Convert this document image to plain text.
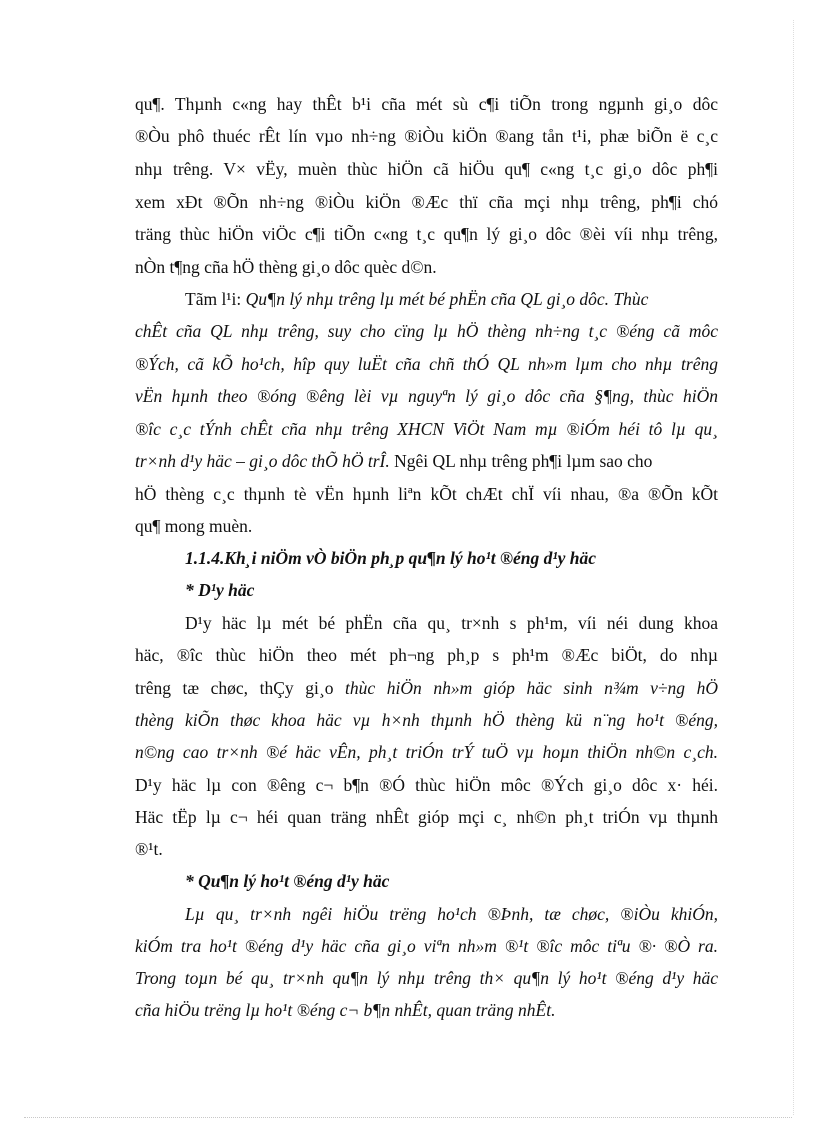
qu¶. Thµnh c«ng hay thÊt b¹i cña mét sù c¶i tiÕn trong ngµnh gi¸o dôc
®Òu phô thuéc rÊt lín vµo nh÷ng ®iÒu kiÖn ®ang tån t¹i, phæ biÕn ë c¸c
nhµ trêng. V× vËy, muèn thùc hiÖn cã hiÖu qu¶ c«ng t¸c gi¸o dôc ph¶i
xem xÐt ®Õn nh÷ng ®iÒu kiÖn ®Æc thï cña mçi nhµ trêng, ph¶i chó
träng thùc hiÖn viÖc c¶i tiÕn c«ng t¸c qu¶n lý gi¸o dôc ®èi víi nhµ trêng,
nÒn t¶ng cña hÖ thèng gi¸o dôc quèc d©n.
Tãm l¹i: Qu¶n lý nhµ trêng lµ mét bé phËn cña QL gi¸o dôc. Thùc
chÊt cña QL nhµ trêng, suy cho cïng lµ hÖ thèng nh÷ng t¸c ®éng cã môc
®Ých, cã kÕ ho¹ch, hîp quy luËt cña chñ thÓ QL nh»m lµm cho nhµ trêng
vËn hµnh theo ®óng ®êng lèi vµ nguyªn lý gi¸o dôc cña §¶ng, thùc hiÖn
®îc c¸c tÝnh chÊt cña nhµ trêng XHCN ViÖt Nam mµ ®iÓm héi tô lµ qu¸
tr×nh d¹y häc – gi¸o dôc thÕ hÖ trÎ. Ngêi QL nhµ trêng ph¶i lµm sao cho
hÖ thèng c¸c thµnh tè vËn hµnh liªn kÕt chÆt chÏ víi nhau, ®a ®Õn kÕt
qu¶ mong muèn.
1.1.4.Kh¸i niÖm vÒ biÖn ph¸p qu¶n lý ho¹t ®éng d¹y häc
* D¹y häc
D¹y häc lµ mét bé phËn cña qu¸ tr×nh s ph¹m, víi néi dung khoa
häc, ®îc thùc hiÖn theo mét ph¬ng ph¸p s ph¹m ®Æc biÖt, do nhµ
trêng tæ chøc, thÇy gi¸o thùc hiÖn nh»m gióp häc sinh n¾m v÷ng hÖ
thèng kiÕn thøc khoa häc vµ h×nh thµnh hÖ thèng kü n¨ng ho¹t ®éng,
n©ng cao tr×nh ®é häc vÊn, ph¸t triÓn trÝ tuÖ vµ hoµn thiÖn nh©n c¸ch.
D¹y häc lµ con ®êng c¬ b¶n ®Ó thùc hiÖn môc ®Ých gi¸o dôc x· héi.
Häc tËp lµ c¬ héi quan träng nhÊt gióp mçi c¸ nh©n ph¸t triÓn vµ thµnh
®¹t.
* Qu¶n lý ho¹t ®éng d¹y häc
Lµ qu¸ tr×nh ngêi hiÖu trëng ho¹ch ®Þnh, tæ chøc, ®iÒu khiÓn,
kiÓm tra ho¹t ®éng d¹y häc cña gi¸o viªn nh»m ®¹t ®îc môc tiªu ®· ®Ò ra.
Trong toµn bé qu¸ tr×nh qu¶n lý nhµ trêng th× qu¶n lý ho¹t ®éng d¹y häc
cña hiÖu trëng lµ ho¹t ®éng c¬ b¶n nhÊt, quan träng nhÊt.
